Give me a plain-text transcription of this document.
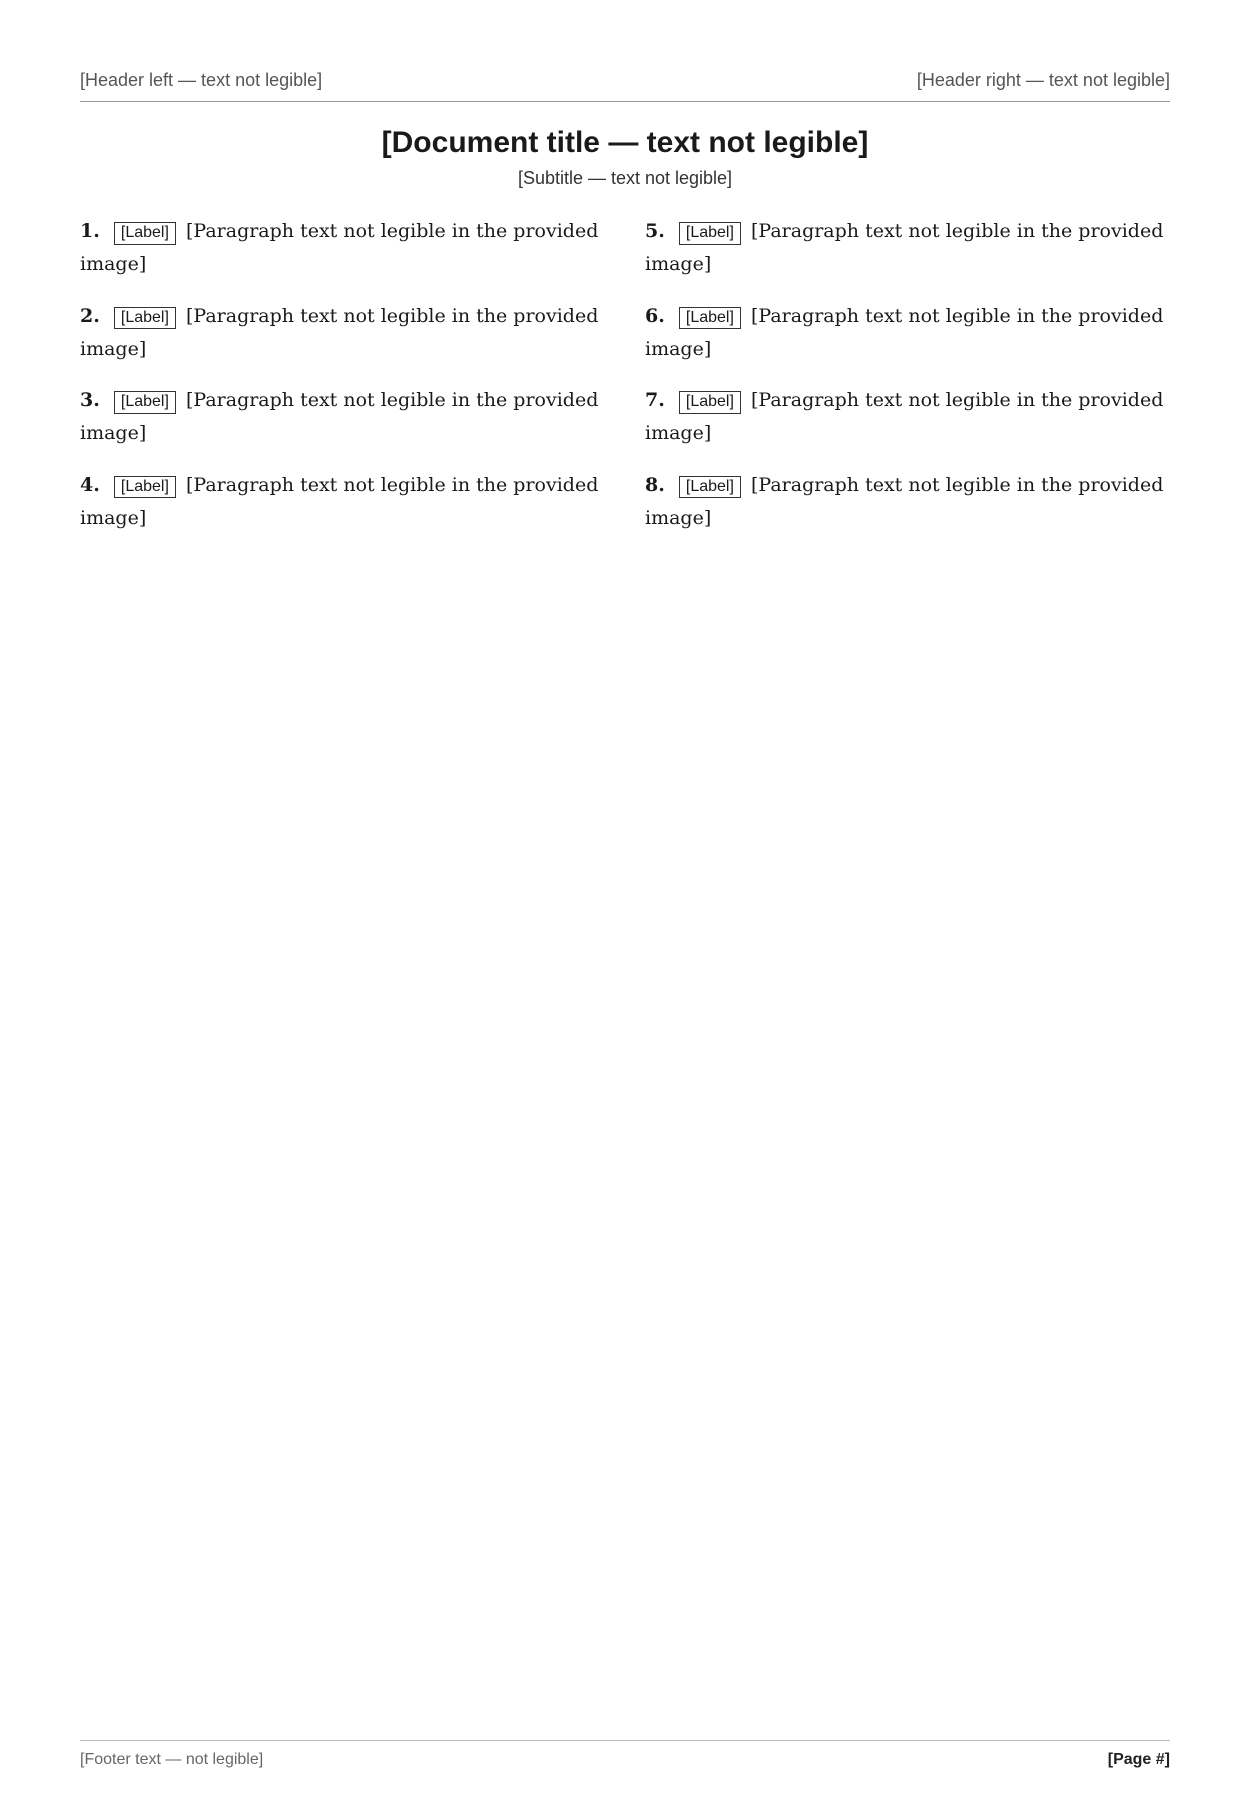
[Header left — text not legible]	[Header right — text not legible]
[Document title — text not legible]
[Subtitle — text not legible]
1. [Label] [Paragraph text not legible in the provided image]
2. [Label] [Paragraph text not legible in the provided image]
3. [Label] [Paragraph text not legible in the provided image]
4. [Label] [Paragraph text not legible in the provided image]
5. [Label] [Paragraph text not legible in the provided image]
6. [Label] [Paragraph text not legible in the provided image]
7. [Label] [Paragraph text not legible in the provided image]
8. [Label] [Paragraph text not legible in the provided image]
[Footer text — not legible]	[Page #]
